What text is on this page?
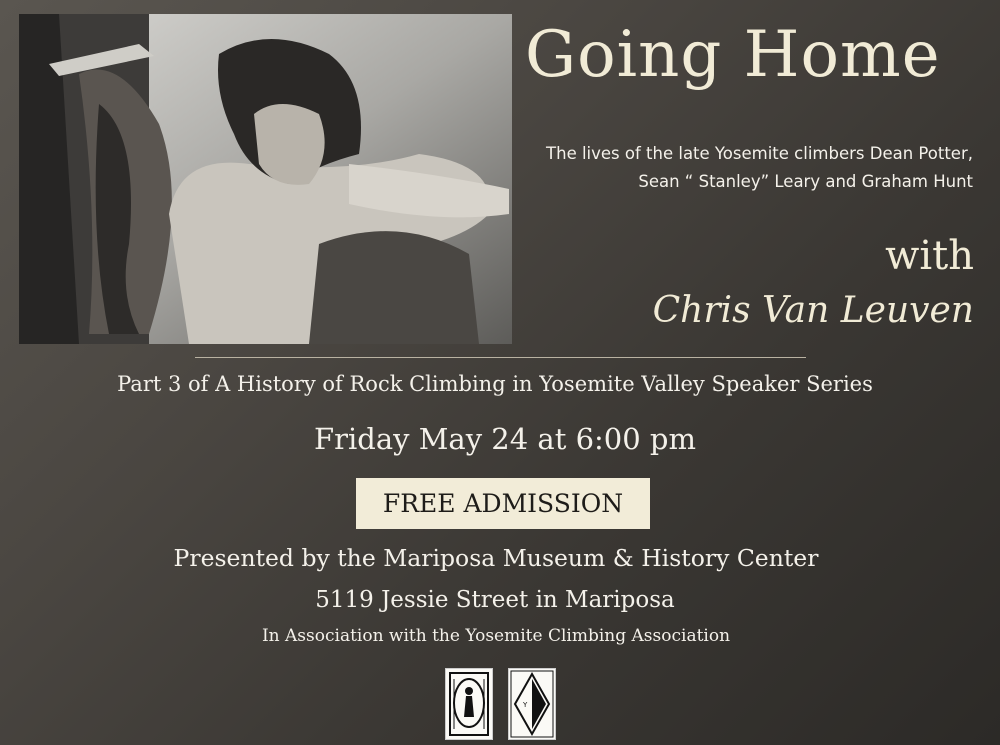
Going Home
The lives of the late Yosemite climbers Dean Potter, Sean “ Stanley” Leary and Graham Hunt
with
Chris Van Leuven
Part 3 of A History of Rock Climbing in Yosemite Valley Speaker Series
Friday May 24 at 6:00 pm
FREE ADMISSION
Presented by the Mariposa Museum & History Center
5119 Jessie Street in Mariposa
In Association with the Yosemite Climbing Association
Y
